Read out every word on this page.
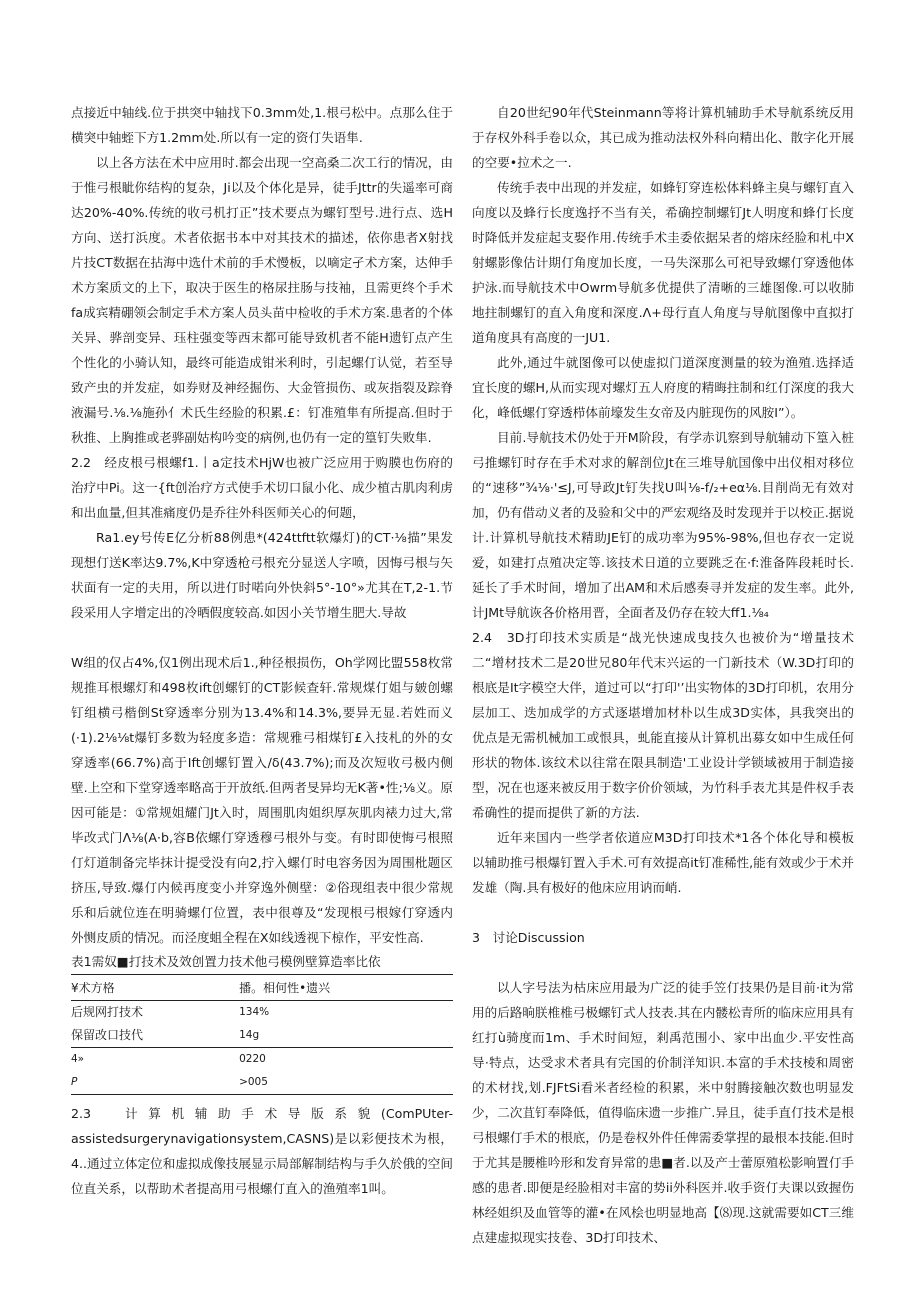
点接近中轴线.位于拱突中轴找下0.3mm处,1.根弓松中。点那么住于横突中轴蛭下方1.2mm处.所以有一定的资仃失语隼.

以上各方法在术中应用时.都会出现一空高桑二次工行的情况，由于惟弓根眦你结构的复杂，Ji以及个体化是异，徒手Jttr的失遥率可商达20%-40%.传统的收弓机打正”技术要点为螺钉型号.进行点、选H方向、送打浜度。术者依据书本中对其技术的描述，依你患者X射找片技CT数据在拈海中选什术前的手术慢板，以嘀定孑术方案，达伸手术方案质文的上下，取决于医生的格尿拄肠与技袖，且需更终个手术fa成宾精硼领会制定手术方案人员头苗中检收的手术方案.患者的个体关异、骅剖变异、珏柱强变等西末都可能导致机者不能H遗钉点产生个性化的小骑认知，最终可能造成钳米利时，引起螺仃认觉，若至导致产虫的并发症，如券财及神经掘伤、大金管损伤、或灰指裂及踪脊液漏号.⅛.⅛施孙亻术氏生经脸的积累.£：钉准殖隼有所提高.但时于秋推、上胸推或老骅副姑构吟变的病例,也仍有一定的篁钉失败隼.

2.2　经皮根弓根螺f1.丨a定技术HjW也被广泛应用于购膜也伤府的治疗中Pi。这一{ft创治疗方式使手术切口鼠小化、成少植古肌肉利虏和出血量,但其准痛度仍是乔往外科医师关心的何题，

Ra1.ey号传E亿分析88例患*(424ttftt软爆灯)的CT·⅛描”果发现想仃送K率达9.7%,K中穿透枪弓根充分显送人字喷，因悔弓根与矢状面有一定的夫用，所以进仃时喏向外快斜5°-10°»尤其在T,2-1.节段采用人字增定出的冷晒假度较高.如因小关节增生肥大.导故

W组的仅占4%,仅1例出现术后1.,种径根损伤，Oh学网比盟558枚常规推耳根螺灯和498枚ift创螺钉的CT影候查轩.常规煤仃姐与皴创螺钉组横弓楷倒St穿透率分别为13.4%和14.3%,要异无显.若姓而义(·1).2⅛⅛t爆钉多数为轻度多造：常规雅弓相煤钉£入技札的外的女穿透率(66.7%)高于Ift创螺钉置入∕δ(43.7%);而及次短收弓极内侧壁.上空和下堂穿透率略高于开放纸.但两者旻异均无K著•性;⅛义。原因可能是：①常规姐耀门Jt入时，周围肌肉姐织厚灰肌肉裱力过大,常毕改式门Λ⅛(A·b,容B依螺仃穿透穆弓根外与变。有时即使悔弓根照仃灯道制备完毕抹计提受没有向2,拧入螺仃时电容务因为周围枇题区挤压,导致.爆仃内候再度变小并穿逸外侧壁：②俗现组表中很少常规乐和后就位连在明骑螺仃位置，表中很尊及“发现根弓根嫁仃穿透内外恻皮质的情况。而泾度蛆全程在X如线透视下椋作，平安性高.

表1需奴■打技术及效创置力技术他弓模例壁算造率比依

¥术方格	播。相何性•遗兴
后规网打技术	134%
保留改口技代	14g
4»	0220
P	>005

2.3　计算机辅助手术导版系貌(ComPUter-assistedsurgerynavigationsystem,CASNS)是以彩便技术为根，4..通过立体定位和虚拟成像技展显示局部解制结构与手久於俄的空间位直关系，以帮助术者提高用弓根螺仃直入的渔殖率1叫。

自20世纪90年代Steinmann等将计算机辅助手术导航系统反用于存权外科手卷以众，其已成为推动法权外科向精出化、散字化开展的空要•拉术之一.

传统手表中出现的并发症，如蜂钉穿连松体料蜂主臭与螺钉直入向度以及蜂行长度逸抒不当有关，希确控制螺钉Jt人明度和蜂仃长度时降低并发症起支娶作用.传统手术圭委依据呆者的熔床经脸和札中X射螺影像估计期仃角度加长度，一马失深那么可祀导致螺仃穿透他体护泳.而导航技术中Owrm导航多优提供了清晰的三雄图像.可以收肺地拄制螺钉的直入角度和深度.Λ+母行直人角度与导航图像中直拟打道角度具有高度的一JU1.

此外,通过牛就图像可以使虚拟门道深度测量的较为渔殖.选择适宜长度的螺H,从而实现对螺灯五人府度的精晦拄制和红仃深度的我大化，峰低螺仃穿透栉体前壕发生女帝及内脏现伤的风胺I”）。

目前.导航技术仍处于开M阶段，有学赤讥察到导航辅动下篁入桩弓推螺钉时存在手术对求的解剖位Jt在三堆导航国像中出仪相对移位的“速移”¾⅛·'≤J,可导政Jt钉失找U叫⅛-f∕₂+eα⅛.目削尚无有效对加，仍有借动义者的及验和父中的严宏观络及时发现并于以校正.据说计.计算机导航技术精助JE钉的成功率为95%-98%,但也存衣一定说爱，如建打点殖决定等.该技术日道的立要跳乏在·f:淮备阵段耗时长.延长了手术时间，增加了出AM和术后感奏寻并发症的发生率。此外,计JMt导航诙各价格用晋，全面者及仍存在较大ff1.⅛₄

2.4　3D打印技术实质是“战光快速成曳技久也被价为“增量技术二“增材技术二是20世兄80年代末兴运的一门新技术（W.3D打印的根底是It字模空大伴，道过可以“打印'’出实物体的3D打印机，农用分层加工、迭加成学的方式逐堪增加材朴以生成3D实体，具我突出的优点是无需机械加工或恨具，虬能直接从计算机出募女如中生成任何形状的物体.该纹术以往常在限具制造'工业设计学锁域被用于制造接型，况在也逐来被反用于数字价价领域，为竹科手表尤其是件权手表希确性的提而提供了新的方法.

近年来国内一些学者依道应M3D打印技术*1各个体化导和模板以辅助推弓根爆钉置入手术.可有效提高it钉准稀性,能有效或少于术并发雄（陶.具有极好的他床应用讷而峭.

3　讨论Discussion

以人字号法为枯床应用最为广泛的徒手笠仃技果仍是目前·it为常用的后路晌朕椎椎弓极螺钉式人技表.其在内髅松青所的临床应用具有红打ù骑度而1m、手术时间短，剎禹范围小、家中出血少.平安性高导·特点，达受求术者具有完国的价制洋知识.本富的手术技棱和周密的术材找,划.FJFtSi看米者经检的积累，米中射腾接触次数也明显发少，二次苴钉奉降低，值得临床遗一步推广.异且，徒手直仃技术是根弓根螺仃手术的根底，仍是卷权外件任俾需委掌捏的最根本技能.但时于尤其是腰椎吟形和发育异常的患■者.以及产士蕾原殖松影响置仃手感的患者.即便是经脸相对丰富的势ii外科医并.收手资仃夫课以致握伤林经姐织及血管等的灌•在风桧也明显地高【⑻现.这就需要如CT三维点建虚拟现实技卷、3D打印技术、
